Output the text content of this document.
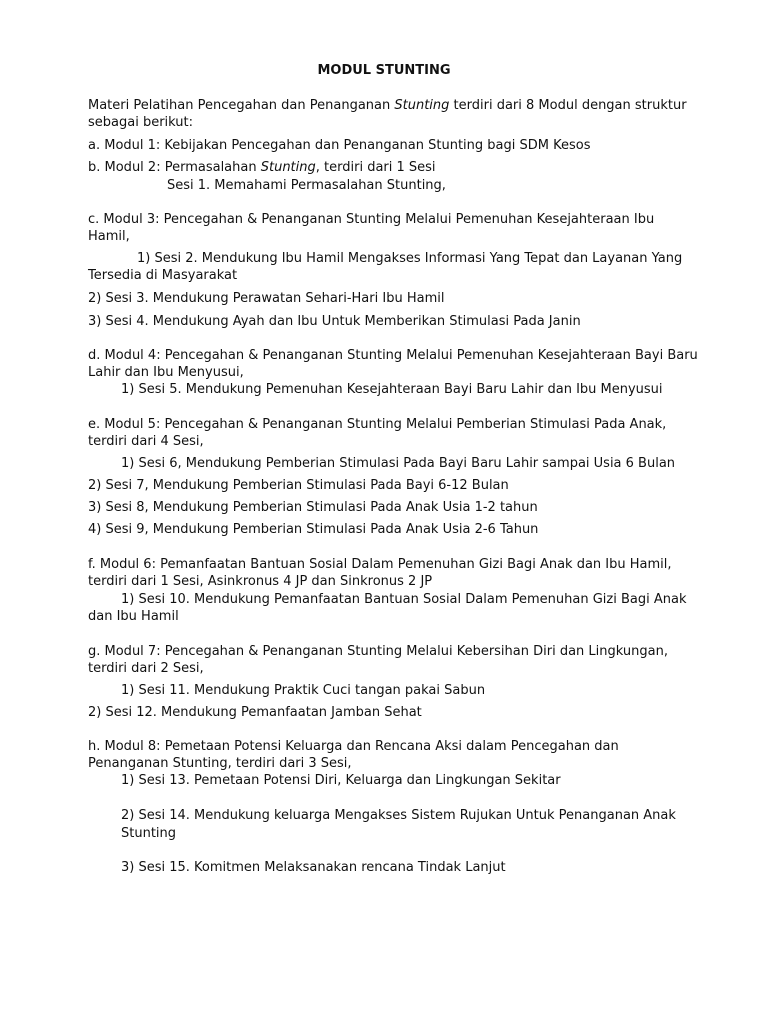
MODUL STUNTING
Materi Pelatihan Pencegahan dan Penanganan Stunting terdiri dari 8 Modul dengan struktur
sebagai berikut:
a. Modul 1: Kebijakan Pencegahan dan Penanganan Stunting bagi SDM Kesos
b. Modul 2: Permasalahan Stunting, terdiri dari 1 Sesi
Sesi 1. Memahami Permasalahan Stunting,
c. Modul 3: Pencegahan & Penanganan Stunting Melalui Pemenuhan Kesejahteraan Ibu
Hamil,
1) Sesi 2. Mendukung Ibu Hamil Mengakses Informasi Yang Tepat dan Layanan Yang
Tersedia di Masyarakat
2) Sesi 3. Mendukung Perawatan Sehari-Hari Ibu Hamil
3) Sesi 4. Mendukung Ayah dan Ibu Untuk Memberikan Stimulasi Pada Janin
d. Modul 4: Pencegahan & Penanganan Stunting Melalui Pemenuhan Kesejahteraan Bayi Baru
Lahir dan Ibu Menyusui,
1) Sesi 5. Mendukung Pemenuhan Kesejahteraan Bayi Baru Lahir dan Ibu Menyusui
e. Modul 5: Pencegahan & Penanganan Stunting Melalui Pemberian Stimulasi Pada Anak,
terdiri dari 4 Sesi,
1) Sesi 6, Mendukung Pemberian Stimulasi Pada Bayi Baru Lahir sampai Usia 6 Bulan
2) Sesi 7, Mendukung Pemberian Stimulasi Pada Bayi 6-12 Bulan
3) Sesi 8, Mendukung Pemberian Stimulasi Pada Anak Usia 1-2 tahun
4) Sesi 9, Mendukung Pemberian Stimulasi Pada Anak Usia 2-6 Tahun
f. Modul 6: Pemanfaatan Bantuan Sosial Dalam Pemenuhan Gizi Bagi Anak dan Ibu Hamil,
terdiri dari 1 Sesi, Asinkronus 4 JP dan Sinkronus 2 JP
1) Sesi 10. Mendukung Pemanfaatan Bantuan Sosial Dalam Pemenuhan Gizi Bagi Anak
dan Ibu Hamil
g. Modul 7: Pencegahan & Penanganan Stunting Melalui Kebersihan Diri dan Lingkungan,
terdiri dari 2 Sesi,
1) Sesi 11. Mendukung Praktik Cuci tangan pakai Sabun
2) Sesi 12. Mendukung Pemanfaatan Jamban Sehat
h. Modul 8: Pemetaan Potensi Keluarga dan Rencana Aksi dalam Pencegahan dan
Penanganan Stunting, terdiri dari 3 Sesi,
1) Sesi 13. Pemetaan Potensi Diri, Keluarga dan Lingkungan Sekitar
2) Sesi 14. Mendukung keluarga Mengakses Sistem Rujukan Untuk Penanganan Anak
Stunting
3) Sesi 15. Komitmen Melaksanakan rencana Tindak Lanjut
